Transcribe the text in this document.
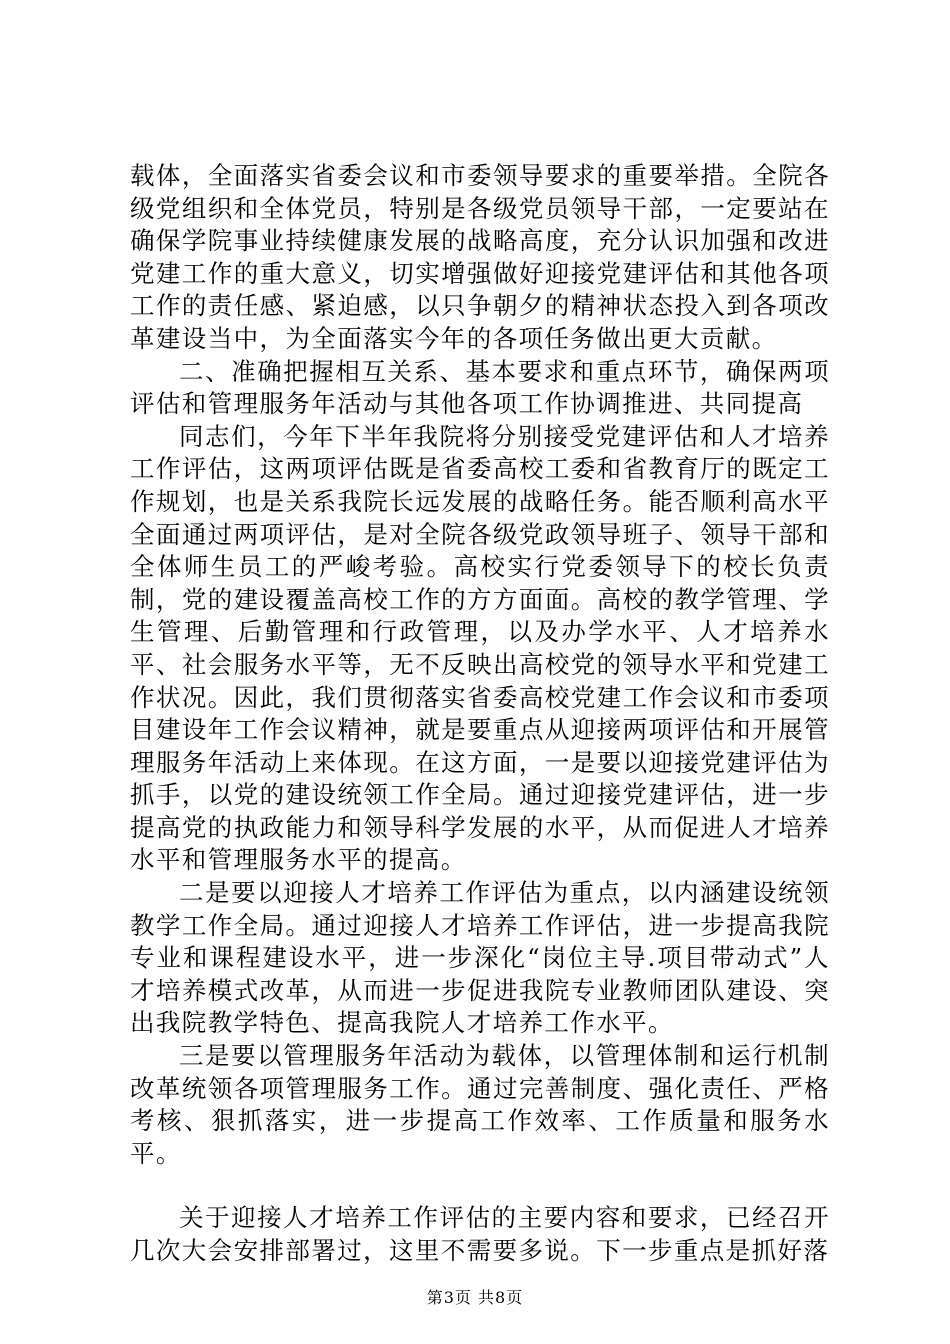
载体，全面落实省委会议和市委领导要求的重要举措。全院各级党组织和全体党员，特别是各级党员领导干部，一定要站在确保学院事业持续健康发展的战略高度，充分认识加强和改进党建工作的重大意义，切实增强做好迎接党建评估和其他各项工作的责任感、紧迫感，以只争朝夕的精神状态投入到各项改革建设当中，为全面落实今年的各项任务做出更大贡献。

二、准确把握相互关系、基本要求和重点环节，确保两项评估和管理服务年活动与其他各项工作协调推进、共同提高

同志们，今年下半年我院将分别接受党建评估和人才培养工作评估，这两项评估既是省委高校工委和省教育厅的既定工作规划，也是关系我院长远发展的战略任务。能否顺利高水平全面通过两项评估，是对全院各级党政领导班子、领导干部和全体师生员工的严峻考验。高校实行党委领导下的校长负责制，党的建设覆盖高校工作的方方面面。高校的教学管理、学生管理、后勤管理和行政管理，以及办学水平、人才培养水平、社会服务水平等，无不反映出高校党的领导水平和党建工作状况。因此，我们贯彻落实省委高校党建工作会议和市委项目建设年工作会议精神，就是要重点从迎接两项评估和开展管理服务年活动上来体现。在这方面，一是要以迎接党建评估为抓手，以党的建设统领工作全局。通过迎接党建评估，进一步提高党的执政能力和领导科学发展的水平，从而促进人才培养水平和管理服务水平的提高。

二是要以迎接人才培养工作评估为重点，以内涵建设统领教学工作全局。通过迎接人才培养工作评估，进一步提高我院专业和课程建设水平，进一步深化“岗位主导.项目带动式”人才培养模式改革，从而进一步促进我院专业教师团队建设、突出我院教学特色、提高我院人才培养工作水平。

三是要以管理服务年活动为载体，以管理体制和运行机制改革统领各项管理服务工作。通过完善制度、强化责任、严格考核、狠抓落实，进一步提高工作效率、工作质量和服务水平。

关于迎接人才培养工作评估的主要内容和要求，已经召开几次大会安排部署过，这里不需要多说。下一步重点是抓好落

第3页 共8页
